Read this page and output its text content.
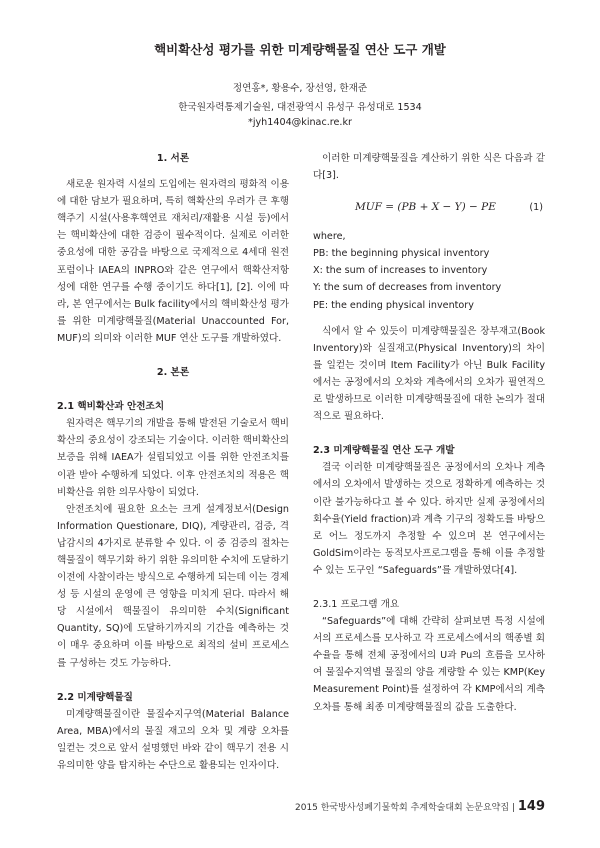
핵비확산성 평가를 위한 미계량핵물질 연산 도구 개발
정연홍*, 황용수, 장선영, 한재준
한국원자력통제기술원, 대전광역시 유성구 유성대로 1534
*jyh1404@kinac.re.kr

1. 서론

새로운 원자력 시설의 도입에는 원자력의 평화적 이용에 대한 담보가 필요하며, 특히 핵확산의 우려가 큰 후행핵주기 시설(사용후핵연료 재처리/재활용 시설 등)에서는 핵비확산에 대한 검증이 필수적이다. 실제로 이러한 중요성에 대한 공감을 바탕으로 국제적으로 4세대 원전 포럼이나 IAEA의 INPRO와 같은 연구에서 핵확산저항성에 대한 연구를 수행 중이기도 하다[1], [2]. 이에 따라, 본 연구에서는 Bulk facility에서의 핵비확산성 평가를 위한 미계량핵물질(Material Unaccounted For, MUF)의 의미와 이러한 MUF 연산 도구를 개발하였다.

2. 본론

2.1 핵비확산과 안전조치

원자력은 핵무기의 개발을 통해 발전된 기술로서 핵비확산의 중요성이 강조되는 기술이다. 이러한 핵비확산의 보증을 위해 IAEA가 설립되었고 이를 위한 안전조치를 이관 받아 수행하게 되었다. 이후 안전조치의 적용은 핵비확산을 위한 의무사항이 되었다.

안전조치에 필요한 요소는 크게 설계정보서(Design Information Questionare, DIQ), 계량관리, 검증, 격납감시의 4가지로 분류할 수 있다. 이 중 검증의 절차는 핵물질이 핵무기화 하기 위한 유의미한 수치에 도달하기 이전에 사찰이라는 방식으로 수행하게 되는데 이는 경제성 등 시설의 운영에 큰 영향을 미치게 된다. 따라서 해당 시설에서 핵물질이 유의미한 수치(Significant Quantity, SQ)에 도달하기까지의 기간을 예측하는 것이 매우 중요하며 이를 바탕으로 최적의 설비 프로세스를 구성하는 것도 가능하다.

2.2 미계량핵물질

미계량핵물질이란 물질수지구역(Material Balance Area, MBA)에서의 물질 재고의 오차 및 계량 오차를 일컫는 것으로 앞서 설명했던 바와 같이 핵무기 전용 시 유의미한 양을 탐지하는 수단으로 활용되는 인자이다.

2015 한국방사성폐기물학회 추계학술대회 논문요약집 | 149

이러한 미계량핵물질을 계산하기 위한 식은 다음과 같다[3].

MUF = (PB + X − Y) − PE	(1)

where,

PB: the beginning physical inventory

X: the sum of increases to inventory

Y: the sum of decreases from inventory

PE: the ending physical inventory

식에서 알 수 있듯이 미계량핵물질은 장부재고(Book Inventory)와 실질재고(Physical Inventory)의 차이를 일컫는 것이며 Item Facility가 아닌 Bulk Facility에서는 공정에서의 오차와 계측에서의 오차가 필연적으로 발생하므로 이러한 미계량핵물질에 대한 논의가 절대적으로 필요하다.

2.3 미계량핵물질 연산 도구 개발

결국 이러한 미계량핵물질은 공정에서의 오차나 계측에서의 오차에서 발생하는 것으로 정확하게 예측하는 것이란 불가능하다고 볼 수 있다. 하지만 실제 공정에서의 회수율(Yield fraction)과 계측 기구의 정확도를 바탕으로 어느 정도까지 추정할 수 있으며 본 연구에서는 GoldSim이라는 동적모사프로그램을 통해 이를 추정할 수 있는 도구인 “Safeguards”를 개발하였다[4].

2.3.1 프로그램 개요

“Safeguards”에 대해 간략히 살펴보면 특정 시설에서의 프로세스를 모사하고 각 프로세스에서의 핵종별 회수율을 통해 전체 공정에서의 U과 Pu의 흐름을 모사하여 물질수지역별 물질의 양을 계량할 수 있는 KMP(Key Measurement Point)를 설정하여 각 KMP에서의 계측 오차를 통해 최종 미계량핵물질의 값을 도출한다.
